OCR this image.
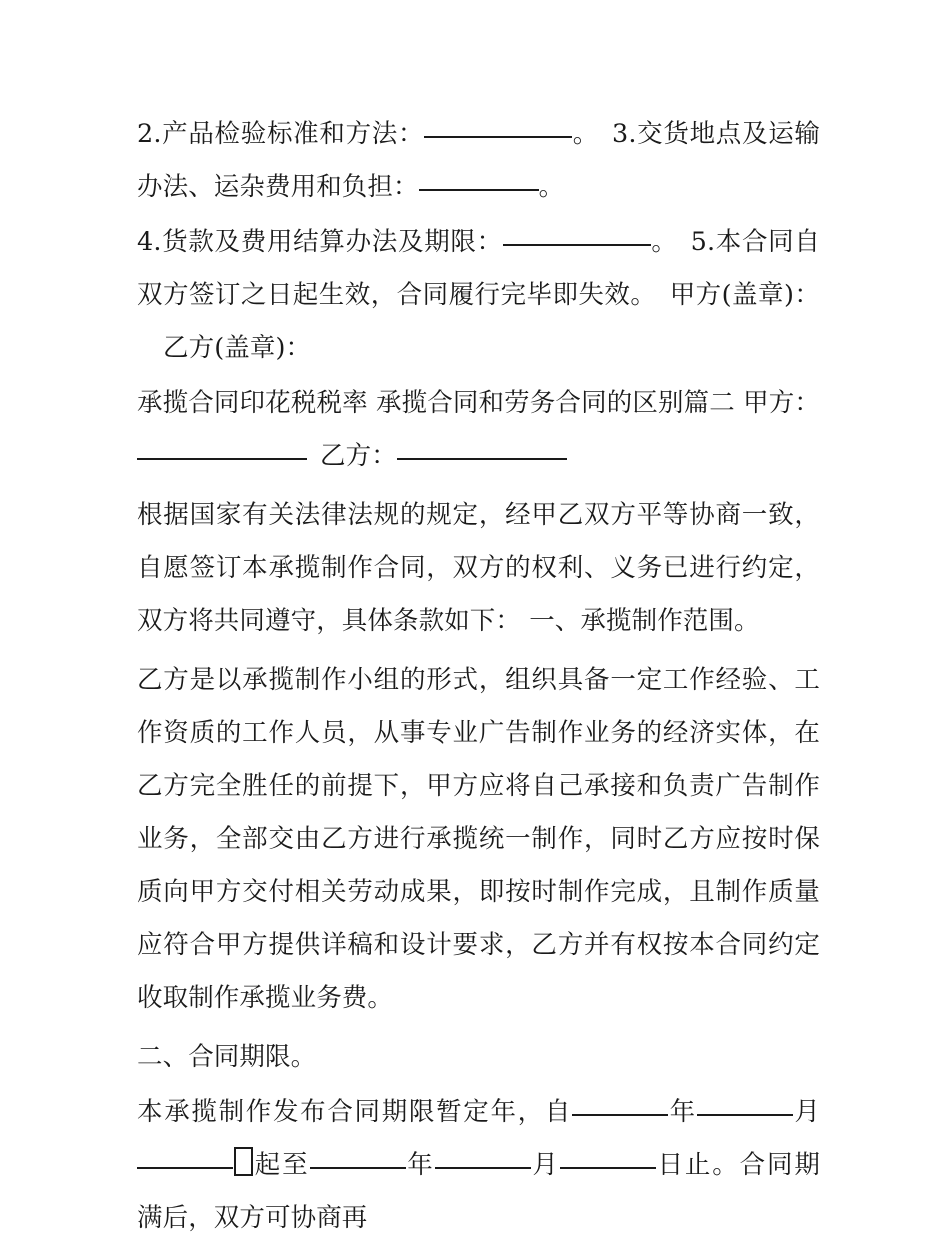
2.产品检验标准和方法：	。 3.交货地点及运输办法、运杂费用和负担：	。

4.货款及费用结算办法及期限：	。 5.本合同自双方签订之日起生效，合同履行完毕即失效。 甲方(盖章)：乙方(盖章)：

承揽合同印花税税率 承揽合同和劳务合同的区别篇二 甲方：乙方：

根据国家有关法律法规的规定，经甲乙双方平等协商一致，自愿签订本承揽制作合同，双方的权利、义务已进行约定，双方将共同遵守，具体条款如下： 一、承揽制作范围。

乙方是以承揽制作小组的形式，组织具备一定工作经验、工作资质的工作人员，从事专业广告制作业务的经济实体，在乙方完全胜任的前提下，甲方应将自己承接和负责广告制作业务，全部交由乙方进行承揽统一制作，同时乙方应按时保质向甲方交付相关劳动成果，即按时制作完成，且制作质量应符合甲方提供详稿和设计要求，乙方并有权按本合同约定收取制作承揽业务费。

二、合同期限。

本承揽制作发布合同期限暂定年，自	年	月起至	年	月	日止。合同期满后，双方可协商再
